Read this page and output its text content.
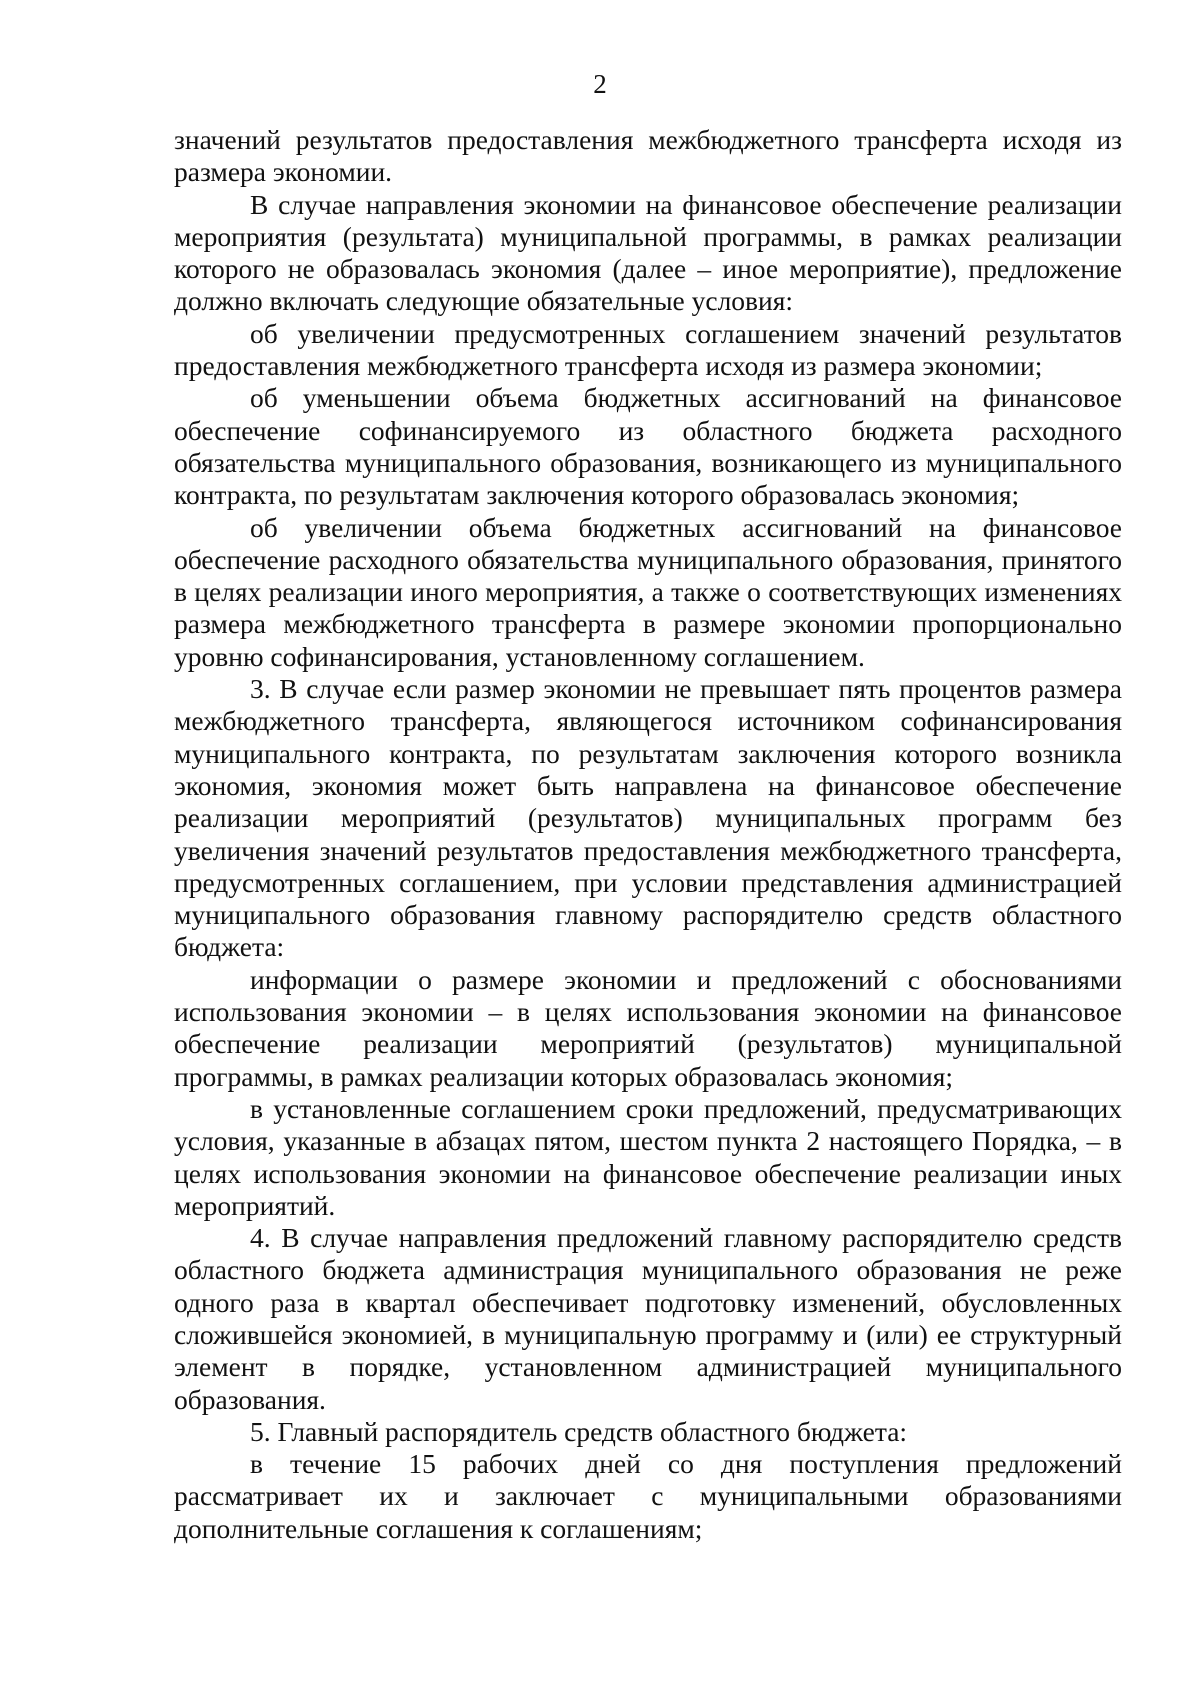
2

значений результатов предоставления межбюджетного трансферта исходя из размера экономии.

В случае направления экономии на финансовое обеспечение реализации мероприятия (результата) муниципальной программы, в рамках реализации которого не образовалась экономия (далее – иное мероприятие), предложение должно включать следующие обязательные условия:

об увеличении предусмотренных соглашением значений результатов предоставления межбюджетного трансферта исходя из размера экономии;

об уменьшении объема бюджетных ассигнований на финансовое обеспечение софинансируемого из областного бюджета расходного обязательства муниципального образования, возникающего из муниципального контракта, по результатам заключения которого образовалась экономия;

об увеличении объема бюджетных ассигнований на финансовое обеспечение расходного обязательства муниципального образования, принятого в целях реализации иного мероприятия, а также о соответствующих изменениях размера межбюджетного трансферта в размере экономии пропорционально уровню софинансирования, установленному соглашением.

3. В случае если размер экономии не превышает пять процентов размера межбюджетного трансферта, являющегося источником софинансирования муниципального контракта, по результатам заключения которого возникла экономия, экономия может быть направлена на финансовое обеспечение реализации мероприятий (результатов) муниципальных программ без увеличения значений результатов предоставления межбюджетного трансферта, предусмотренных соглашением, при условии представления администрацией муниципального образования главному распорядителю средств областного бюджета:

информации о размере экономии и предложений с обоснованиями использования экономии – в целях использования экономии на финансовое обеспечение реализации мероприятий (результатов) муниципальной программы, в рамках реализации которых образовалась экономия;

в установленные соглашением сроки предложений, предусматривающих условия, указанные в абзацах пятом, шестом пункта 2 настоящего Порядка, – в целях использования экономии на финансовое обеспечение реализации иных мероприятий.

4. В случае направления предложений главному распорядителю средств областного бюджета администрация муниципального образования не реже одного раза в квартал обеспечивает подготовку изменений, обусловленных сложившейся экономией, в муниципальную программу и (или) ее структурный элемент в порядке, установленном администрацией муниципального образования.

5. Главный распорядитель средств областного бюджета:

в течение 15 рабочих дней со дня поступления предложений рассматривает их и заключает с муниципальными образованиями дополнительные соглашения к соглашениям;
